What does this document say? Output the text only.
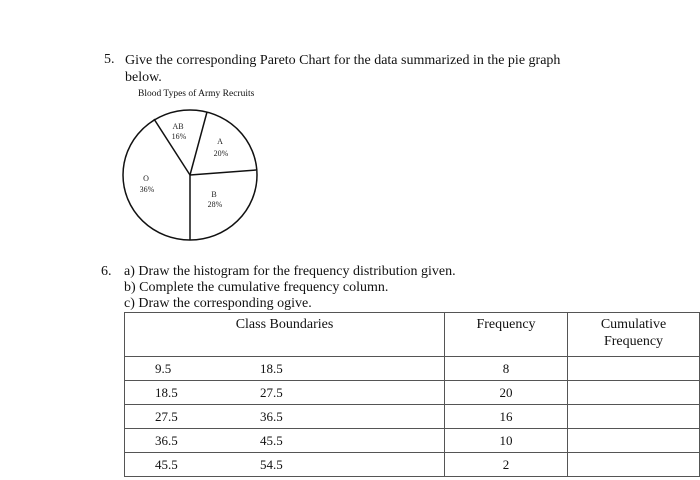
5. Give the corresponding Pareto Chart for the data summarized in the pie graph
below.
Blood Types of Army Recruits
AB
16%
A
20%
B
28%
O
36%
6. a) Draw the histogram for the frequency distribution given.
b) Complete the cumulative frequency column.
c) Draw the corresponding ogive.
Class Boundaries	Frequency	Cumulative
Frequency

9.5 18.5	8	

18.5 27.5	20	

27.5 36.5	16	

36.5 45.5	10	

45.5 54.5	2	
